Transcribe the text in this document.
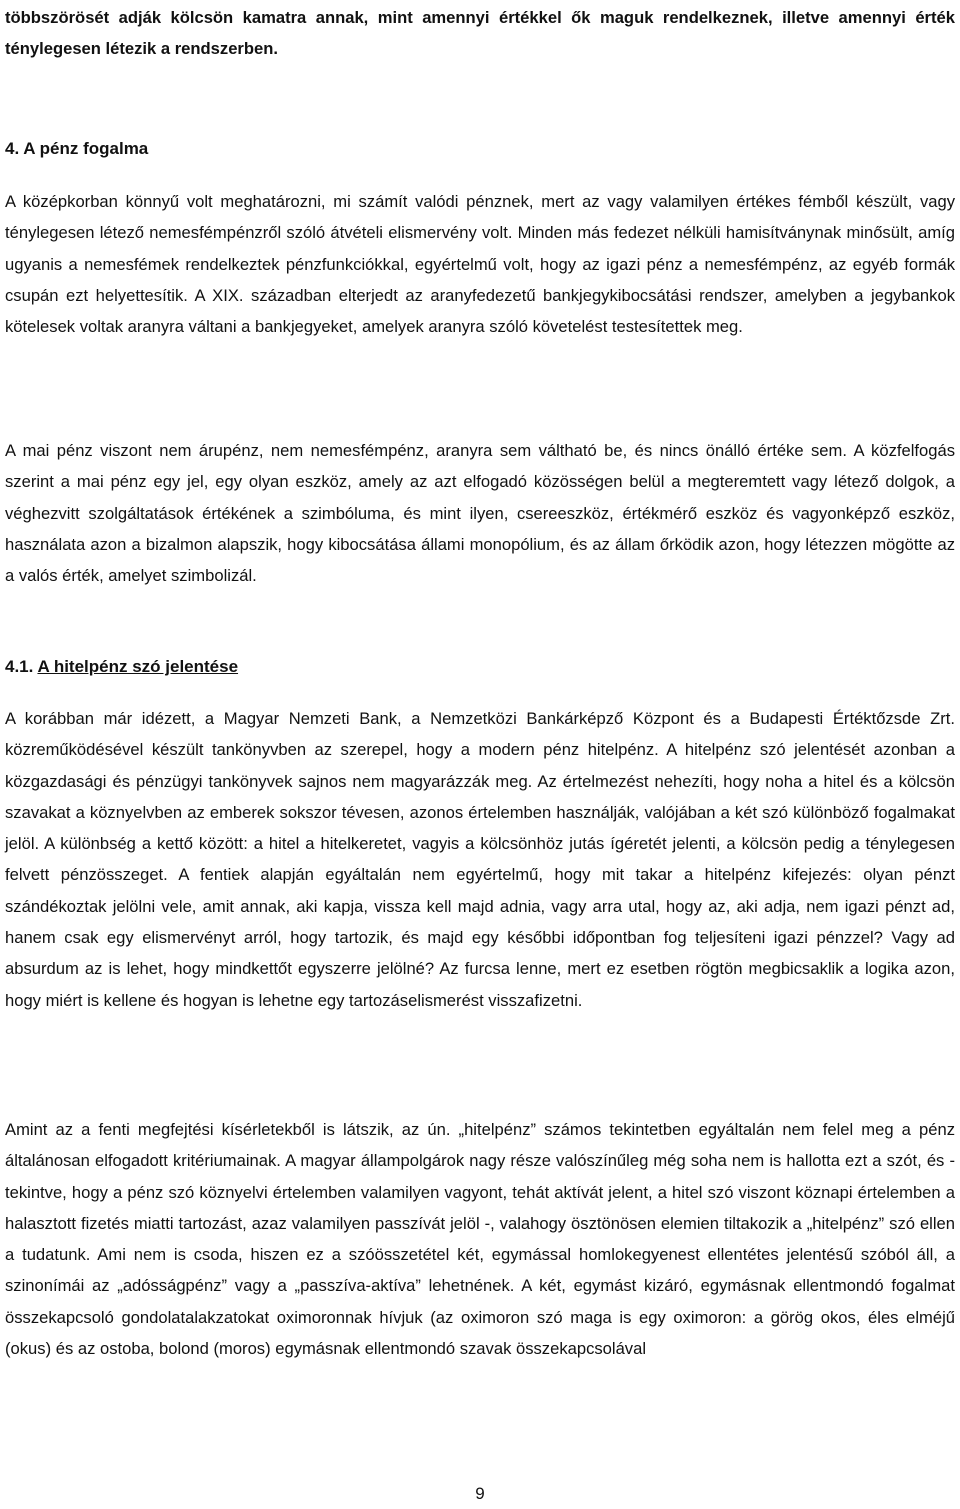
többszörösét adják kölcsön kamatra annak, mint amennyi értékkel ők maguk rendelkeznek, illetve amennyi érték ténylegesen létezik a rendszerben.

4. A pénz fogalma

A középkorban könnyű volt meghatározni, mi számít valódi pénznek, mert az vagy valamilyen értékes fémből készült, vagy ténylegesen létező nemesfémpénzről szóló átvételi elismervény volt. Minden más fedezet nélküli hamisítványnak minősült, amíg ugyanis a nemesfémek rendelkeztek pénzfunkciókkal, egyértelmű volt, hogy az igazi pénz a nemesfémpénz, az egyéb formák csupán ezt helyettesítik. A XIX. században elterjedt az aranyfedezetű bankjegykibocsátási rendszer, amelyben a jegybankok kötelesek voltak aranyra váltani a bankjegyeket, amelyek aranyra szóló követelést testesítettek meg.

A mai pénz viszont nem árupénz, nem nemesfémpénz, aranyra sem váltható be, és nincs önálló értéke sem. A közfelfogás szerint a mai pénz egy jel, egy olyan eszköz, amely az azt elfogadó közösségen belül a megteremtett vagy létező dolgok, a véghezvitt szolgáltatások értékének a szimbóluma, és mint ilyen, csereeszköz, értékmérő eszköz és vagyonképző eszköz, használata azon a bizalmon alapszik, hogy kibocsátása állami monopólium, és az állam őrködik azon, hogy létezzen mögötte az a valós érték, amelyet szimbolizál.

4.1. A hitelpénz szó jelentése

A korábban már idézett, a Magyar Nemzeti Bank, a Nemzetközi Bankárképző Központ és a Budapesti Értéktőzsde Zrt. közreműködésével készült tankönyvben az szerepel, hogy a modern pénz hitelpénz. A hitelpénz szó jelentését azonban a közgazdasági és pénzügyi tankönyvek sajnos nem magyarázzák meg. Az értelmezést nehezíti, hogy noha a hitel és a kölcsön szavakat a köznyelvben az emberek sokszor tévesen, azonos értelemben használják, valójában a két szó különböző fogalmakat jelöl. A különbség a kettő között: a hitel a hitelkeretet, vagyis a kölcsönhöz jutás ígéretét jelenti, a kölcsön pedig a ténylegesen felvett pénzösszeget. A fentiek alapján egyáltalán nem egyértelmű, hogy mit takar a hitelpénz kifejezés: olyan pénzt szándékoztak jelölni vele, amit annak, aki kapja, vissza kell majd adnia, vagy arra utal, hogy az, aki adja, nem igazi pénzt ad, hanem csak egy elismervényt arról, hogy tartozik, és majd egy későbbi időpontban fog teljesíteni igazi pénzzel? Vagy ad absurdum az is lehet, hogy mindkettőt egyszerre jelölné? Az furcsa lenne, mert ez esetben rögtön megbicsaklik a logika azon, hogy miért is kellene és hogyan is lehetne egy tartozáselismerést visszafizetni.

Amint az a fenti megfejtési kísérletekből is látszik, az ún. „hitelpénz” számos tekintetben egyáltalán nem felel meg a pénz általánosan elfogadott kritériumainak. A magyar állampolgárok nagy része valószínűleg még soha nem is hallotta ezt a szót, és - tekintve, hogy a pénz szó köznyelvi értelemben valamilyen vagyont, tehát aktívát jelent, a hitel szó viszont köznapi értelemben a halasztott fizetés miatti tartozást, azaz valamilyen passzívát jelöl -, valahogy ösztönösen elemien tiltakozik a „hitelpénz” szó ellen a tudatunk. Ami nem is csoda, hiszen ez a szóösszetétel két, egymással homlokegyenest ellentétes jelentésű szóból áll, a szinonímái az „adósságpénz” vagy a „passzíva-aktíva” lehetnének. A két, egymást kizáró, egymásnak ellentmondó fogalmat összekapcsoló gondolatalakzatokat oximoronnak hívjuk (az oximoron szó maga is egy oximoron: a görög okos, éles elméjű (okus) és az ostoba, bolond (moros) egymásnak ellentmondó szavak összekapcsolával

9
